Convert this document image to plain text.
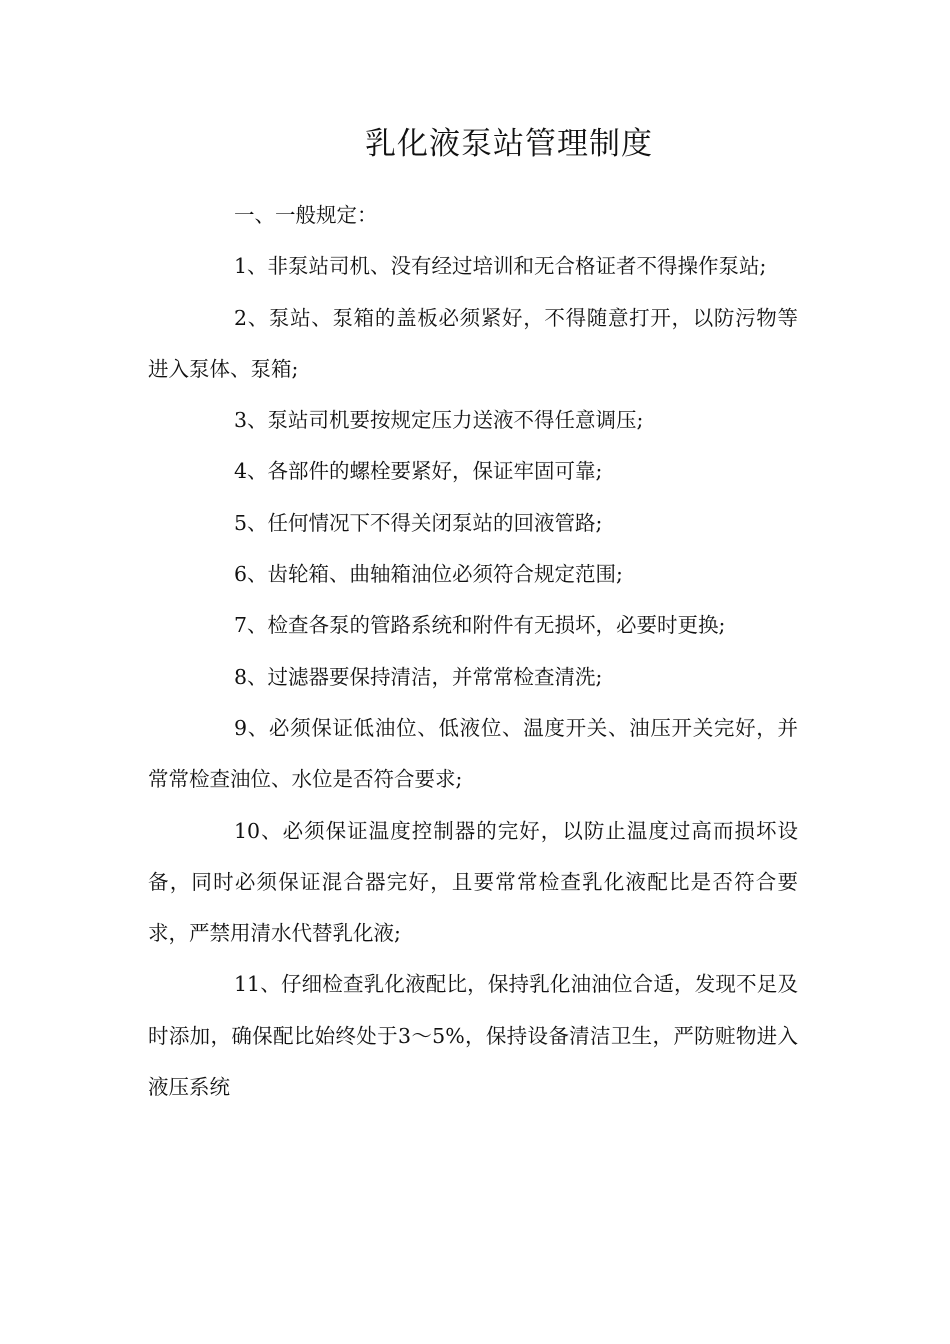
乳化液泵站管理制度

一、一般规定：

1、非泵站司机、没有经过培训和无合格证者不得操作泵站;

2、泵站、泵箱的盖板必须紧好，不得随意打开，以防污物等进入泵体、泵箱;

3、泵站司机要按规定压力送液不得任意调压;

4、各部件的螺栓要紧好，保证牢固可靠;

5、任何情况下不得关闭泵站的回液管路;

6、齿轮箱、曲轴箱油位必须符合规定范围;

7、检查各泵的管路系统和附件有无损坏，必要时更换;

8、过滤器要保持清洁，并常常检查清洗;

9、必须保证低油位、低液位、温度开关、油压开关完好，并常常检查油位、水位是否符合要求;

10、必须保证温度控制器的完好，以防止温度过高而损坏设备，同时必须保证混合器完好，且要常常检查乳化液配比是否符合要求，严禁用清水代替乳化液;

11、仔细检查乳化液配比，保持乳化油油位合适，发现不足及时添加，确保配比始终处于3～5%，保持设备清洁卫生，严防赃物进入液压系统
